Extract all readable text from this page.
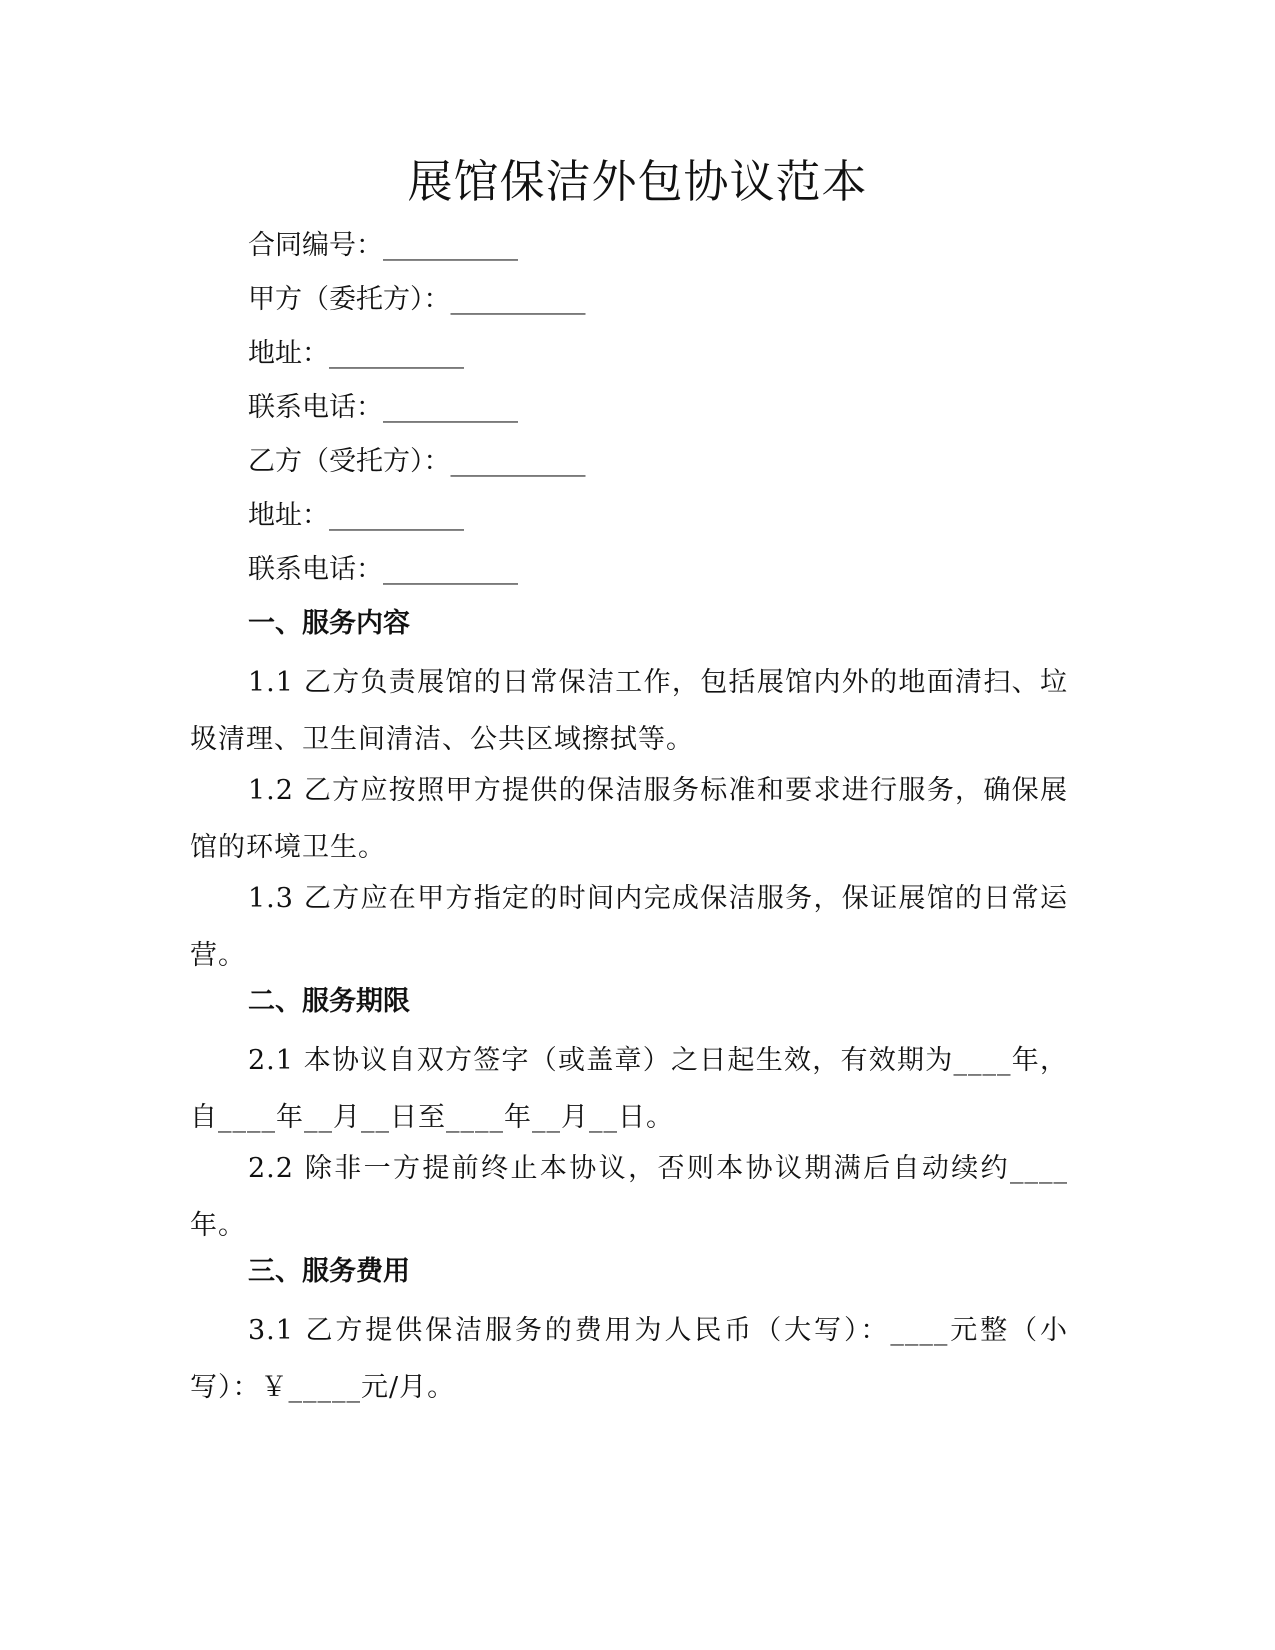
展馆保洁外包协议范本

合同编号：__________

甲方（委托方）：__________

地址：__________

联系电话：__________

乙方（受托方）：__________

地址：__________

联系电话：__________

一、服务内容

1.1 乙方负责展馆的日常保洁工作，包括展馆内外的地面清扫、垃圾清理、卫生间清洁、公共区域擦拭等。

1.2 乙方应按照甲方提供的保洁服务标准和要求进行服务，确保展馆的环境卫生。

1.3 乙方应在甲方指定的时间内完成保洁服务，保证展馆的日常运营。

二、服务期限

2.1 本协议自双方签字（或盖章）之日起生效，有效期为____年，自____年__月__日至____年__月__日。

2.2 除非一方提前终止本协议，否则本协议期满后自动续约____年。

三、服务费用

3.1 乙方提供保洁服务的费用为人民币（大写）：____元整（小写）：￥_____元/月。
